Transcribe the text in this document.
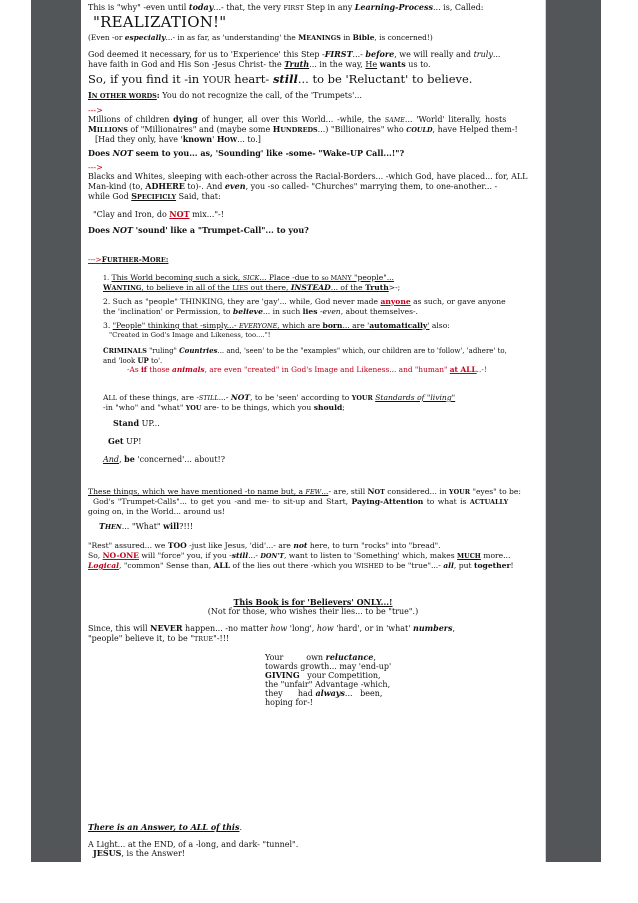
This is "why" -even until today...- that, the very FIRST Step in any Learning-Process... is, Called:

"REALIZATION!"

(Even -or especially...- in as far, as 'understanding' the MEANINGS in Bible, is concerned!)

God deemed it necessary, for us to 'Experience' this Step -FIRST...- before, we will really and truly...

have faith in God and His Son -Jesus Christ- the Truth... in the way, He wants us to.

So, if you find it -in YOUR heart- still... to be 'Reluctant' to believe.

IN OTHER WORDS: You do not recognize the call, of the 'Trumpets'...

--->

Millions of children dying of hunger, all over this World... -while, the SAME... 'World' literally, hosts

MILLIONS of "Millionaires" and (maybe some HUNDREDS...) "Billionaires" who COULD, have Helped them-!

[Had they only, have 'known' HOW... to.]

Does NOT seem to you... as, 'Sounding' like -some- "Wake-UP Call...!"?

--->

Blacks and Whites, sleeping with each-other across the Racial-Borders... -which God, have placed... for, ALL

Man-kind (to, ADHERE to)-. And even, you -so called- "Churches" marrying them, to one-another... -

while God SPECIFICLY Said, that:

"Clay and Iron, do NOT mix..."-!

Does NOT 'sound' like a "Trumpet-Call"... to you?

--->FURTHER-MORE:

1. This World becoming such a sick, SICK... Place -due to so MANY "people"...

WANTING, to believe in all of the LIES out there, INSTEAD... of the Truth>-;

2. Such as "people" THINKING, they are 'gay'... while, God never made anyone as such, or gave anyone

the 'inclination' or Permission, to believe... in such lies -even, about themselves-.

3. "People" thinking that -simply...- EVERYONE, which are born... are 'automatically' also:

"Created in God's Image and Likeness, too...."!

CRIMINALS "ruling" Countries... and, 'seen' to be the "examples" which, our children are to 'follow', 'adhere' to,

and 'look UP to'.

-As if those animals, are even "created" in God's Image and Likeness... and "human" at ALL..-!

ALL of these things, are -STILL...- NOT, to be 'seen' according to YOUR Standards of "living"

-in "who" and "what" YOU are- to be things, which you should;

Stand UP...

Get UP!

And, be 'concerned'... about!?

These things, which we have mentioned -to name but, a FEW...- are, still NOT considered... in YOUR "eyes" to be:

God's "Trumpet-Calls"... to get you -and me- to sit-up and Start, Paying-Attention to what is ACTUALLY

going on, in the World... around us!

THEN... "What" will?!!!

"Rest" assured... we TOO -just like Jesus, 'did'...- are not here, to turn "rocks" into "bread".

So, NO-ONE will "force" you, if you -still...- DON'T, want to listen to 'Something' which, makes MUCH more...

Logical, "common" Sense than, ALL of the lies out there -which you WISHED to be "true"...- all, put together!

This Book is for 'Believers' ONLY...!

(Not for those, who wishes their lies... to be "true".)

Since, this will NEVER happen... -no matter how 'long', how 'hard', or in 'what' numbers,

"people" believe it, to be "TRUE"-!!!

Your         own reluctance,

towards growth... may 'end-up'

GIVING   your Competition,

the "unfair" Advantage -which,

they      had always...   been,

hoping for-!

There is an Answer, to ALL of this.

A Light... at the END, of a -long, and dark- "tunnel".

JESUS, is the Answer!
